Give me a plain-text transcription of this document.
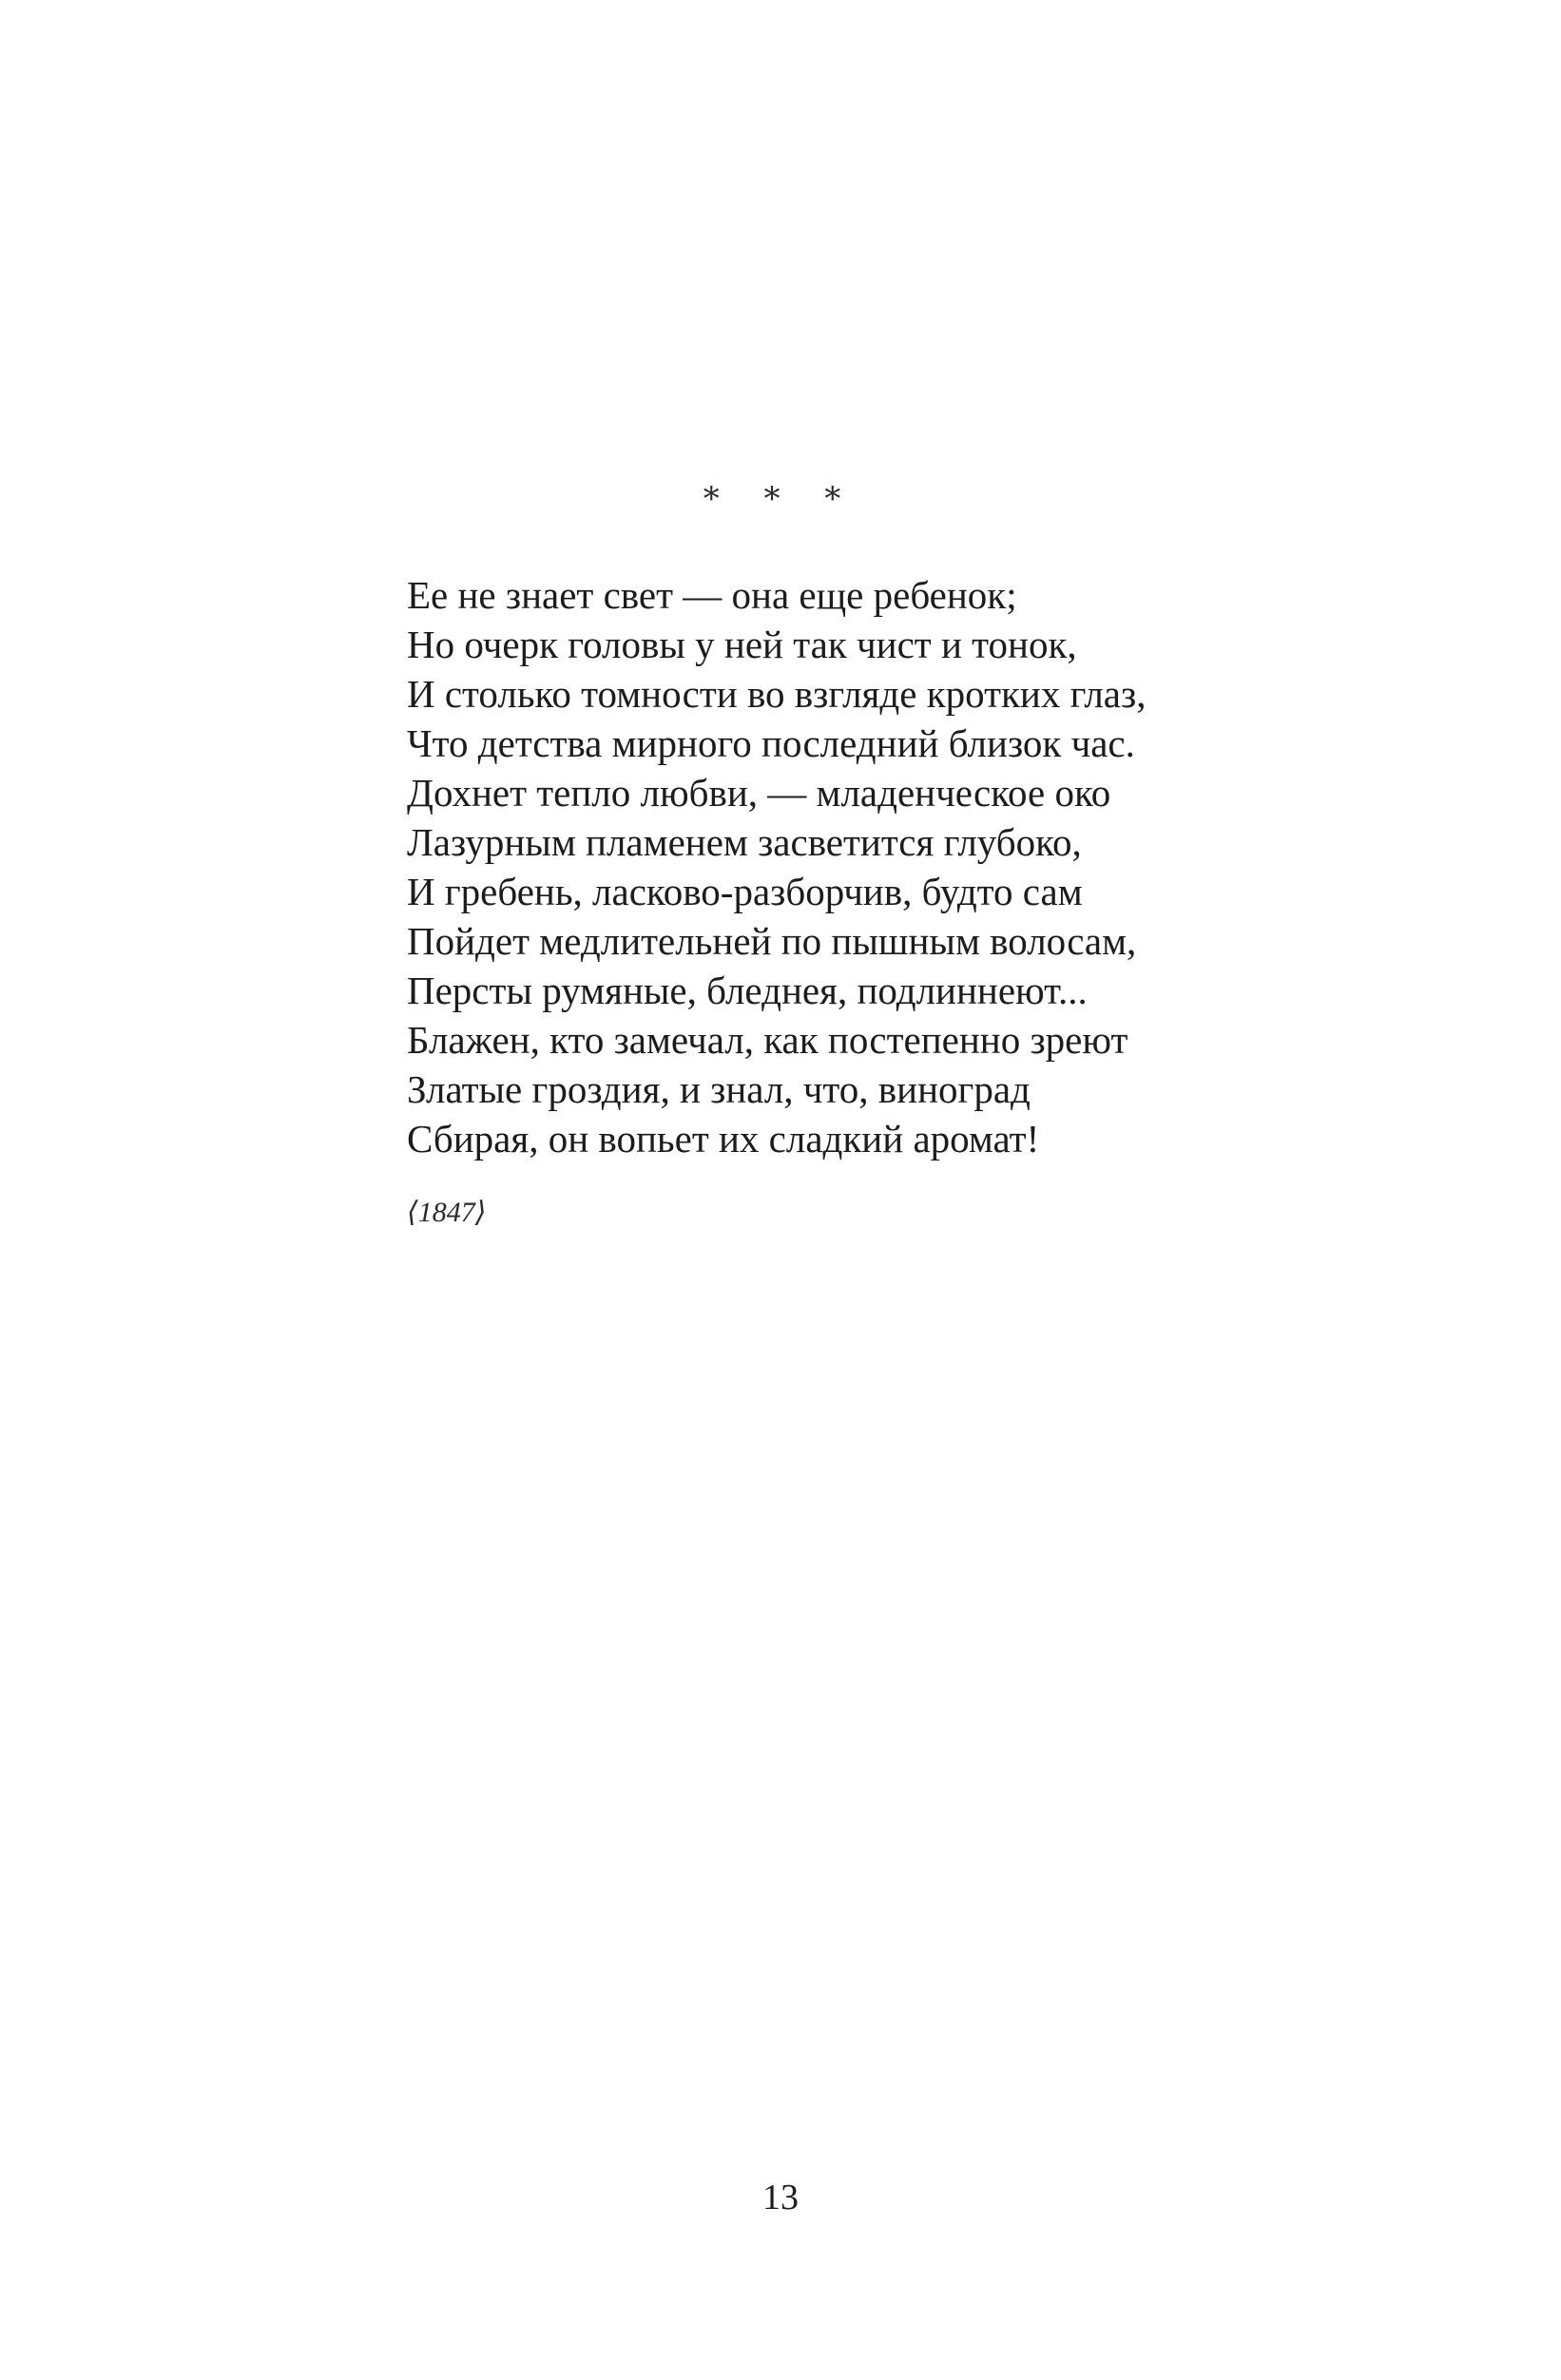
* * *
Ее не знает свет — она еще ребенок;
Но очерк головы у ней так чист и тонок,
И столько томности во взгляде кротких глаз,
Что детства мирного последний близок час.
Дохнет тепло любви, — младенческое око
Лазурным пламенем засветится глубоко,
И гребень, ласково-разборчив, будто сам
Пойдет медлительней по пышным волосам,
Персты румяные, бледнея, подлиннеют...
Блажен, кто замечал, как постепенно зреют
Златые гроздия, и знал, что, виноград
Сбирая, он вопьет их сладкий аромат!
⟨1847⟩
13
